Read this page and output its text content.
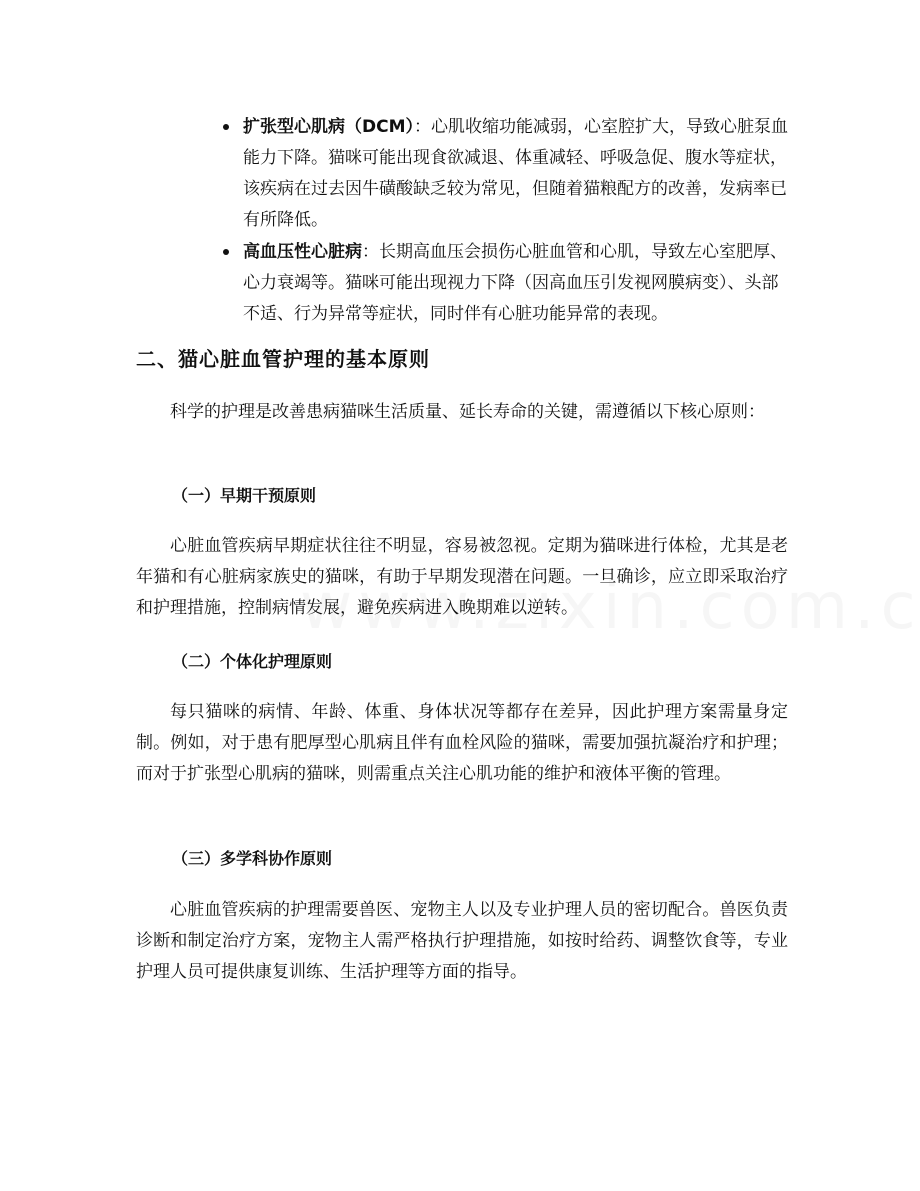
扩张型心肌病（DCM）：心肌收缩功能减弱，心室腔扩大，导致心脏泵血能力下降。猫咪可能出现食欲减退、体重减轻、呼吸急促、腹水等症状，该疾病在过去因牛磺酸缺乏较为常见，但随着猫粮配方的改善，发病率已有所降低。
高血压性心脏病：长期高血压会损伤心脏血管和心肌，导致左心室肥厚、心力衰竭等。猫咪可能出现视力下降（因高血压引发视网膜病变）、头部不适、行为异常等症状，同时伴有心脏功能异常的表现。
二、猫心脏血管护理的基本原则
科学的护理是改善患病猫咪生活质量、延长寿命的关键，需遵循以下核心原则：
（一）早期干预原则
心脏血管疾病早期症状往往不明显，容易被忽视。定期为猫咪进行体检，尤其是老年猫和有心脏病家族史的猫咪，有助于早期发现潜在问题。一旦确诊，应立即采取治疗和护理措施，控制病情发展，避免疾病进入晚期难以逆转。
（二）个体化护理原则
每只猫咪的病情、年龄、体重、身体状况等都存在差异，因此护理方案需量身定制。例如，对于患有肥厚型心肌病且伴有血栓风险的猫咪，需要加强抗凝治疗和护理；而对于扩张型心肌病的猫咪，则需重点关注心肌功能的维护和液体平衡的管理。
（三）多学科协作原则
心脏血管疾病的护理需要兽医、宠物主人以及专业护理人员的密切配合。兽医负责诊断和制定治疗方案，宠物主人需严格执行护理措施，如按时给药、调整饮食等，专业护理人员可提供康复训练、生活护理等方面的指导。
